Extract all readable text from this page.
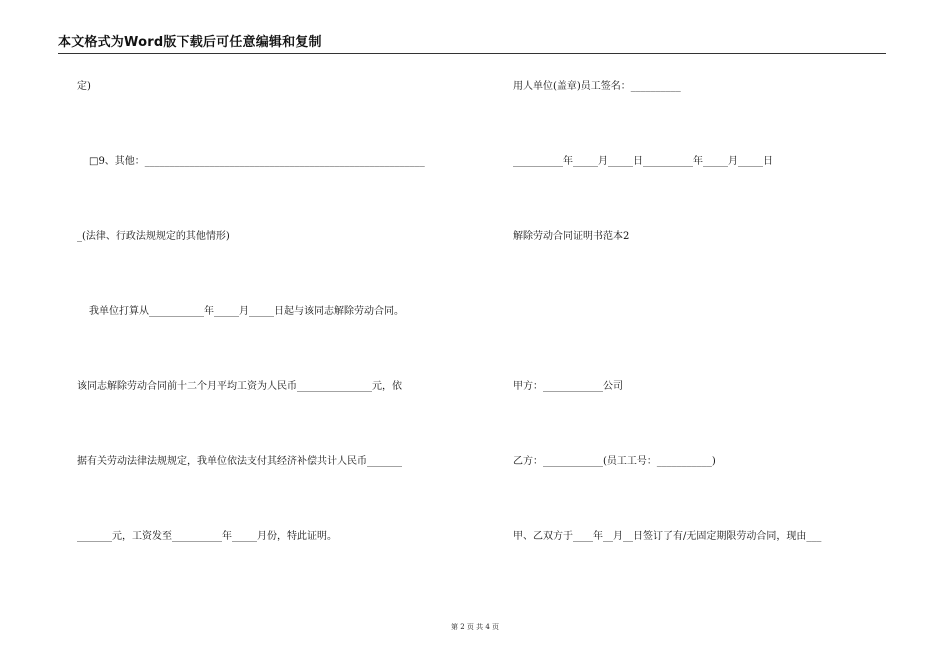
本文格式为Word版下载后可任意编辑和复制
定)
□9、其他：________________________________________________________
_(法律、行政法规规定的其他情形)
我单位打算从___________年_____月_____日起与该同志解除劳动合同。
该同志解除劳动合同前十二个月平均工资为人民币_______________元，依
据有关劳动法律法规规定，我单位依法支付其经济补偿共计人民币_______
_______元，工资发至__________年_____月份，特此证明。
用人单位(盖章)员工签名：__________
__________年_____月_____日__________年_____月_____日
解除劳动合同证明书范本2
甲方：____________公司
乙方：____________(员工工号：___________)
甲、乙双方于____年__月__日签订了有/无固定期限劳动合同，现由___
第 2 页 共 4 页
